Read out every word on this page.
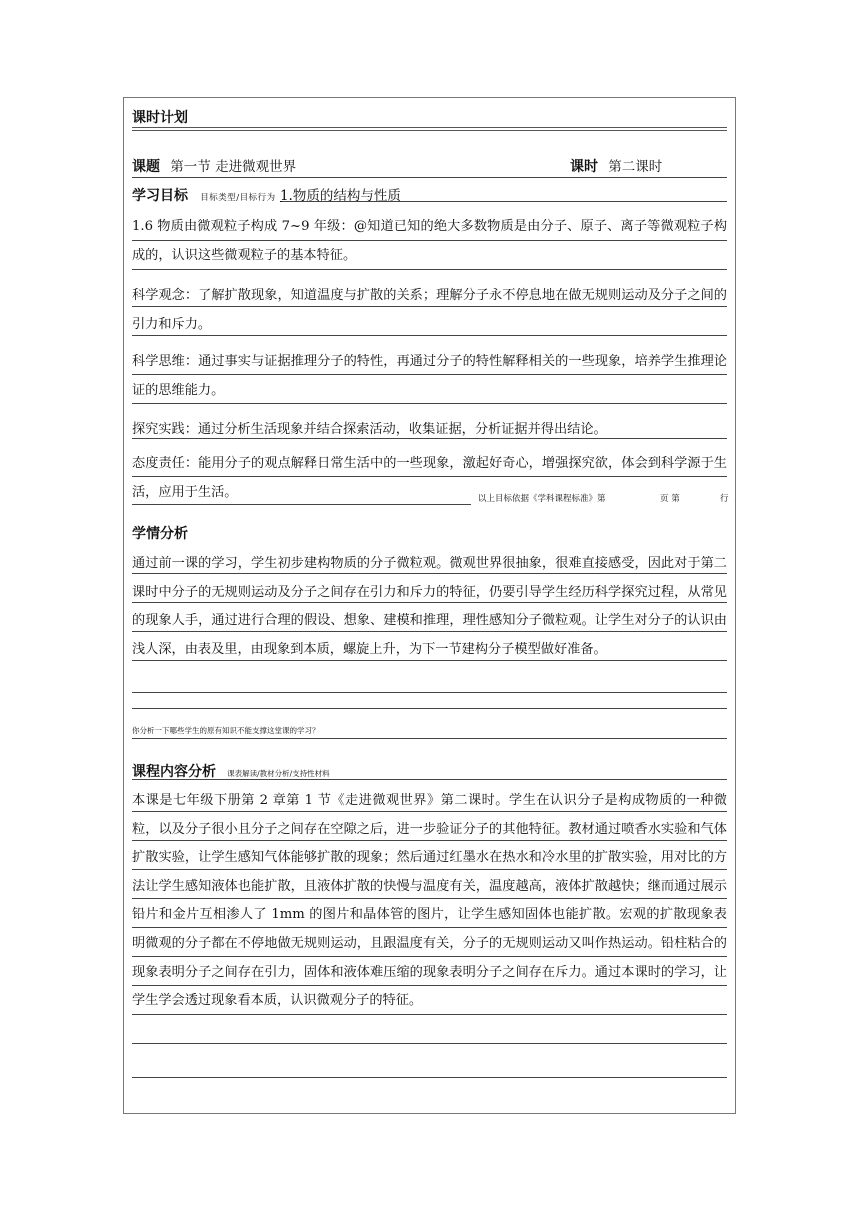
课时计划
课题 第一节 走进微观世界	课时 第二课时
学习目标 目标类型/目标行为 1.物质的结构与性质

1.6 物质由微观粒子构成 7~9 年级：@知道已知的绝大多数物质是由分子、原子、离子等微观粒子构成的，认识这些微观粒子的基本特征。

科学观念：了解扩散现象，知道温度与扩散的关系；理解分子永不停息地在做无规则运动及分子之间的引力和斥力。

科学思维：通过事实与证据推理分子的特性，再通过分子的特性解释相关的一些现象，培养学生推理论证的思维能力。

探究实践：通过分析生活现象并结合探索活动，收集证据，分析证据并得出结论。

态度责任：能用分子的观点解释日常生活中的一些现象，激起好奇心，增强探究欲，体会到科学源于生活，应用于生活。	以上目标依据《学科课程标准》第	页 第	行
学情分析

通过前一课的学习，学生初步建构物质的分子微粒观。微观世界很抽象，很难直接感受，因此对于第二课时中分子的无规则运动及分子之间存在引力和斥力的特征，仍要引导学生经历科学探究过程，从常见的现象人手，通过进行合理的假设、想象、建模和推理，理性感知分子微粒观。让学生对分子的认识由浅人深，由表及里，由现象到本质，螺旋上升，为下一节建构分子模型做好准备。

你分析一下哪些学生的原有知识不能支撑这堂课的学习？
课程内容分析 课表解读/教材分析/支持性材料

本课是七年级下册第 2 章第 1 节《走进微观世界》第二课时。学生在认识分子是构成物质的一种微粒，以及分子很小且分子之间存在空隙之后，进一步验证分子的其他特征。教材通过喷香水实验和气体扩散实验，让学生感知气体能够扩散的现象；然后通过红墨水在热水和冷水里的扩散实验，用对比的方法让学生感知液体也能扩散，且液体扩散的快慢与温度有关，温度越高，液体扩散越快；继而通过展示铅片和金片互相渗人了 1mm 的图片和晶体管的图片，让学生感知固体也能扩散。宏观的扩散现象表明微观的分子都在不停地做无规则运动，且跟温度有关，分子的无规则运动又叫作热运动。铅柱粘合的现象表明分子之间存在引力，固体和液体难压缩的现象表明分子之间存在斥力。通过本课时的学习，让学生学会透过现象看本质，认识微观分子的特征。
